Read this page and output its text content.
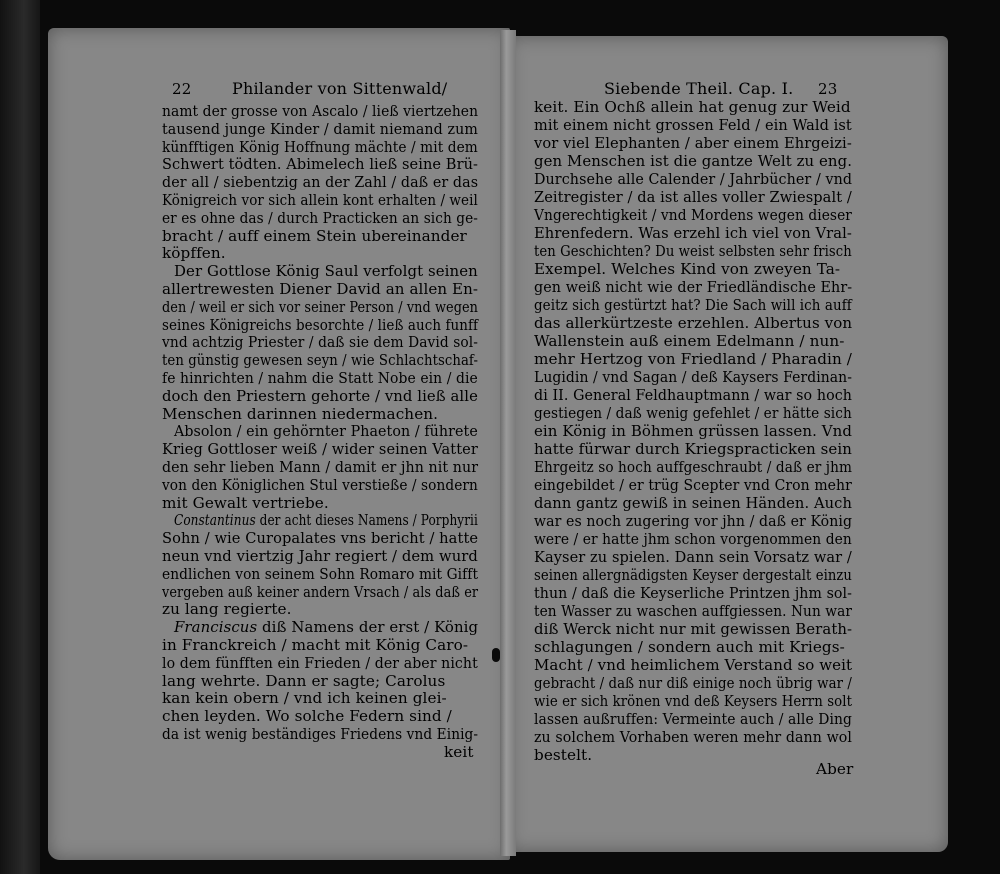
22	Philander von Sittenwald/
namt der grosse von Ascalo / ließ viertzehen
tausend junge Kinder / damit niemand zum
künfftigen König Hoffnung mächte / mit dem
Schwert tödten. Abimelech ließ seine Brü-
der all / siebentzig an der Zahl / daß er das
Königreich vor sich allein kont erhalten / weil
er es ohne das / durch Practicken an sich ge-
bracht / auff einem Stein ubereinander
köpffen.
Der Gottlose König Saul verfolgt seinen
allertrewesten Diener David an allen En-
den / weil er sich vor seiner Person / vnd wegen
seines Königreichs besorchte / ließ auch funff
vnd achtzig Priester / daß sie dem David sol-
ten günstig gewesen seyn / wie Schlachtschaf-
fe hinrichten / nahm die Statt Nobe ein / die
doch den Priestern gehorte / vnd ließ alle
Menschen darinnen niedermachen.
Absolon / ein gehörnter Phaeton / führete
Krieg Gottloser weiß / wider seinen Vatter
den sehr lieben Mann / damit er jhn nit nur
von den Königlichen Stul verstieße / sondern
mit Gewalt vertriebe.
Constantinus der acht dieses Namens / Porphyrii
Sohn / wie Curopalates vns bericht / hatte
neun vnd viertzig Jahr regiert / dem wurd
endlichen von seinem Sohn Romaro mit Gifft
vergeben auß keiner andern Vrsach / als daß er
zu lang regierte.
Franciscus diß Namens der erst / König
in Franckreich / macht mit König Caro-
lo dem fünfften ein Frieden / der aber nicht
lang wehrte. Dann er sagte; Carolus
kan kein obern / vnd ich keinen glei-
chen leyden. Wo solche Federn sind /
da ist wenig beständiges Friedens vnd Einig-
keit
Siebende Theil. Cap. I. 23
keit. Ein Ochß allein hat genug zur Weid
mit einem nicht grossen Feld / ein Wald ist
vor viel Elephanten / aber einem Ehrgeizi-
gen Menschen ist die gantze Welt zu eng.
Durchsehe alle Calender / Jahrbücher / vnd
Zeitregister / da ist alles voller Zwiespalt /
Vngerechtigkeit / vnd Mordens wegen dieser
Ehrenfedern. Was erzehl ich viel von Vral-
ten Geschichten? Du weist selbsten sehr frisch
Exempel. Welches Kind von zweyen Ta-
gen weiß nicht wie der Friedländische Ehr-
geitz sich gestürtzt hat? Die Sach will ich auff
das allerkürtzeste erzehlen. Albertus von
Wallenstein auß einem Edelmann / nun-
mehr Hertzog von Friedland / Pharadin /
Lugidin / vnd Sagan / deß Kaysers Ferdinan-
di II. General Feldhauptmann / war so hoch
gestiegen / daß wenig gefehlet / er hätte sich
ein König in Böhmen grüssen lassen. Vnd
hatte fürwar durch Kriegspracticken sein
Ehrgeitz so hoch auffgeschraubt / daß er jhm
eingebildet / er trüg Scepter vnd Cron mehr
dann gantz gewiß in seinen Händen. Auch
war es noch zugering vor jhn / daß er König
were / er hatte jhm schon vorgenommen den
Kayser zu spielen. Dann sein Vorsatz war /
seinen allergnädigsten Keyser dergestalt einzu
thun / daß die Keyserliche Printzen jhm sol-
ten Wasser zu waschen auffgiessen. Nun war
diß Werck nicht nur mit gewissen Berath-
schlagungen / sondern auch mit Kriegs-
Macht / vnd heimlichem Verstand so weit
gebracht / daß nur diß einige noch übrig war /
wie er sich krönen vnd deß Keysers Herrn solt
lassen außruffen: Vermeinte auch / alle Ding
zu solchem Vorhaben weren mehr dann wol
bestelt.
Aber
